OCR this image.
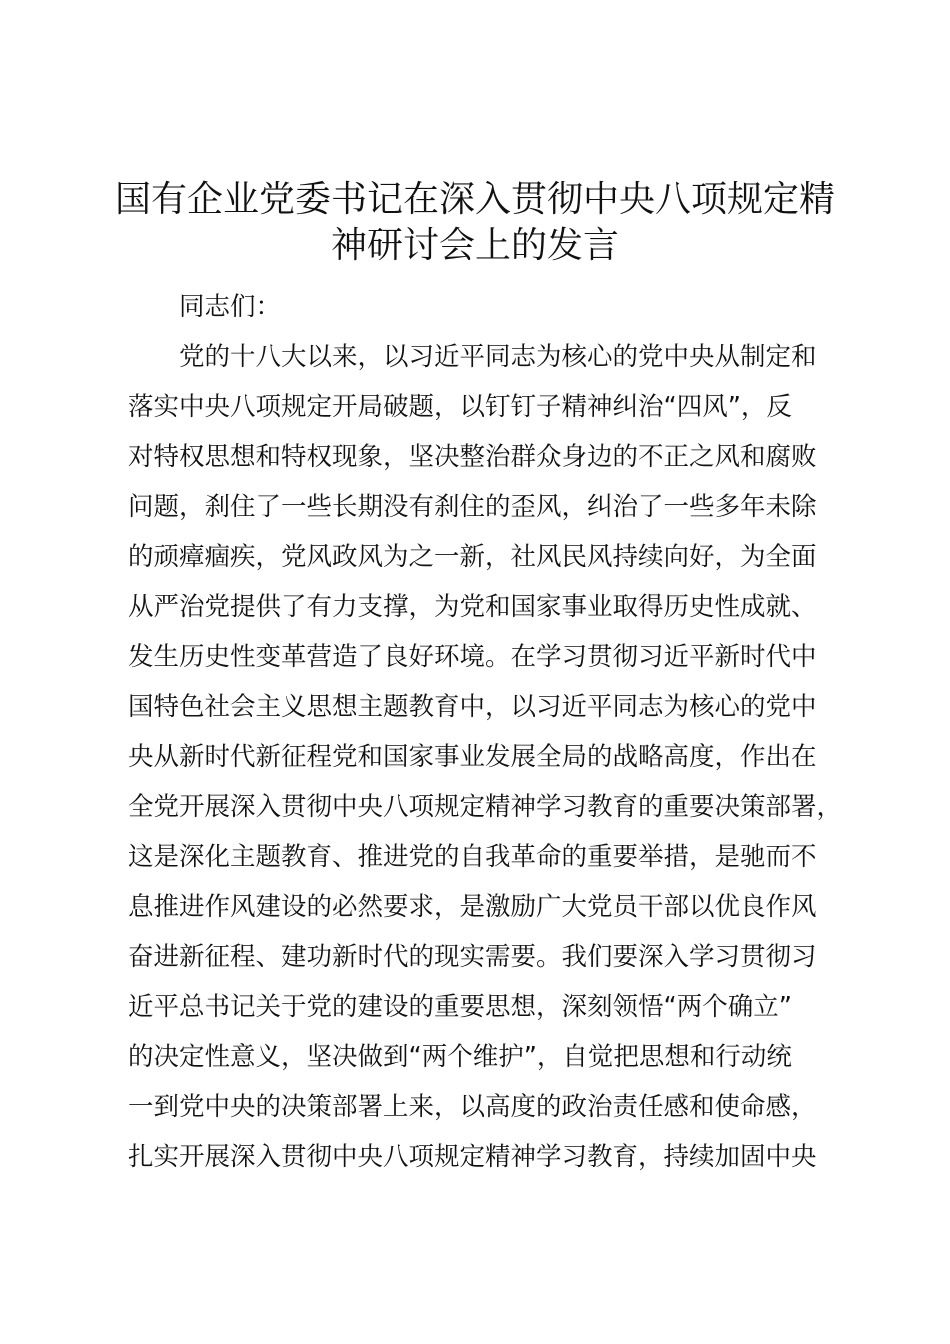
国有企业党委书记在深入贯彻中央八项规定精
神研讨会上的发言
同志们：
党的十八大以来，以习近平同志为核心的党中央从制定和
落实中央八项规定开局破题，以钉钉子精神纠治“四风”，反
对特权思想和特权现象，坚决整治群众身边的不正之风和腐败
问题，刹住了一些长期没有刹住的歪风，纠治了一些多年未除
的顽瘴痼疾，党风政风为之一新，社风民风持续向好，为全面
从严治党提供了有力支撑，为党和国家事业取得历史性成就、
发生历史性变革营造了良好环境。在学习贯彻习近平新时代中
国特色社会主义思想主题教育中，以习近平同志为核心的党中
央从新时代新征程党和国家事业发展全局的战略高度，作出在
全党开展深入贯彻中央八项规定精神学习教育的重要决策部署，
这是深化主题教育、推进党的自我革命的重要举措，是驰而不
息推进作风建设的必然要求，是激励广大党员干部以优良作风
奋进新征程、建功新时代的现实需要。我们要深入学习贯彻习
近平总书记关于党的建设的重要思想，深刻领悟“两个确立”
的决定性意义，坚决做到“两个维护”，自觉把思想和行动统
一到党中央的决策部署上来，以高度的政治责任感和使命感，
扎实开展深入贯彻中央八项规定精神学习教育，持续加固中央
